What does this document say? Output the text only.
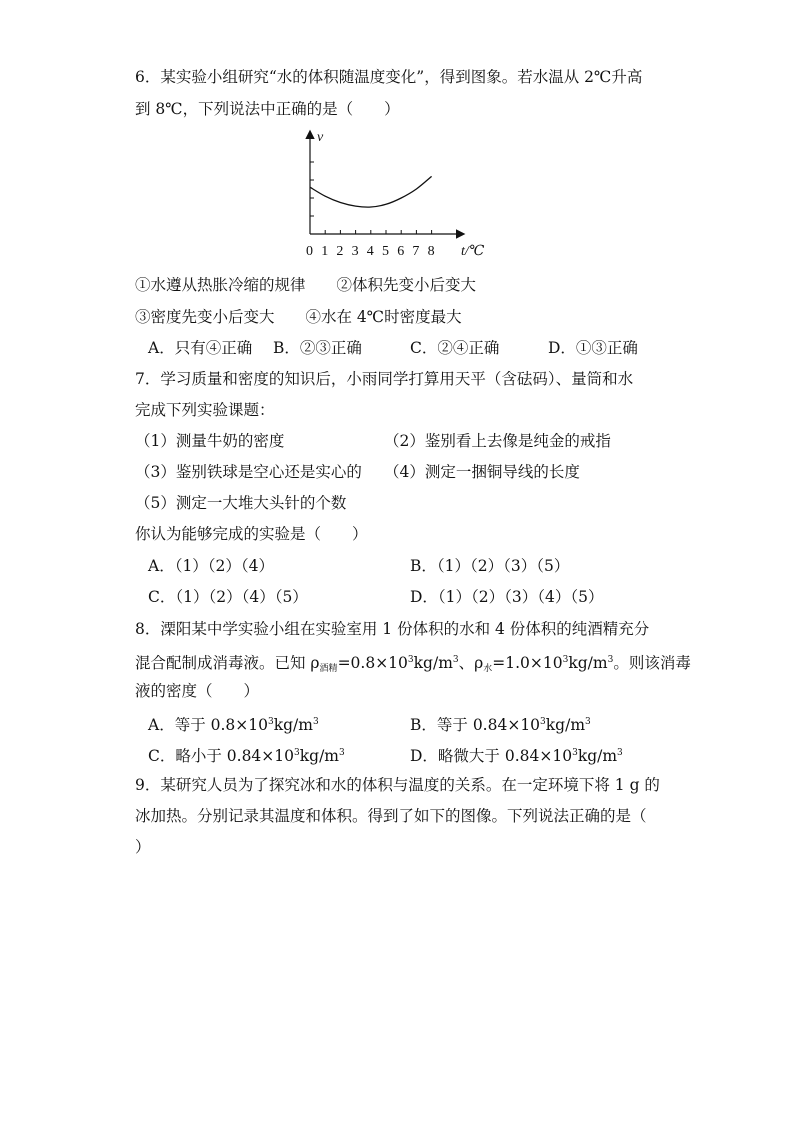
6．某实验小组研究“水的体积随温度变化”，得到图象。若水温从 2℃升高
到 8℃，下列说法中正确的是（　　）
v
t/℃
0 1 2 3 4 5 6 7 8
①水遵从热胀冷缩的规律　　②体积先变小后变大
③密度先变小后变大　　④水在 4℃时密度最大
A．只有④正确 B．②③正确	C．②④正确	D．①③正确
7．学习质量和密度的知识后，小雨同学打算用天平（含砝码）、量筒和水
完成下列实验课题：
（1）测量牛奶的密度	（2）鉴别看上去像是纯金的戒指
（3）鉴别铁球是空心还是实心的 （4）测定一捆铜导线的长度
（5）测定一大堆大头针的个数
你认为能够完成的实验是（　　）
A．（1）（2）（4）	B．（1）（2）（3）（5）
C．（1）（2）（4）（5）	D．（1）（2）（3）（4）（5）
8．溧阳某中学实验小组在实验室用 1 份体积的水和 4 份体积的纯酒精充分
混合配制成消毒液。已知 $\rho_{酒精}=0.8\times 10^3kg/m^3$、$\rho_水=1.0\times 10^3kg/m^3$。则该消毒
液的密度（　　）
A．等于 $0.8\times 10^3kg/m^3$	B．等于 $0.84\times 10^3kg/m^3$
C．略小于 $0.84\times 10^3kg/m^3$	D．略微大于 $0.84\times 10^3kg/m^3$
9．某研究人员为了探究冰和水的体积与温度的关系。在一定环境下将 1 g 的
冰加热。分别记录其温度和体积。得到了如下的图像。下列说法正确的是（
）
